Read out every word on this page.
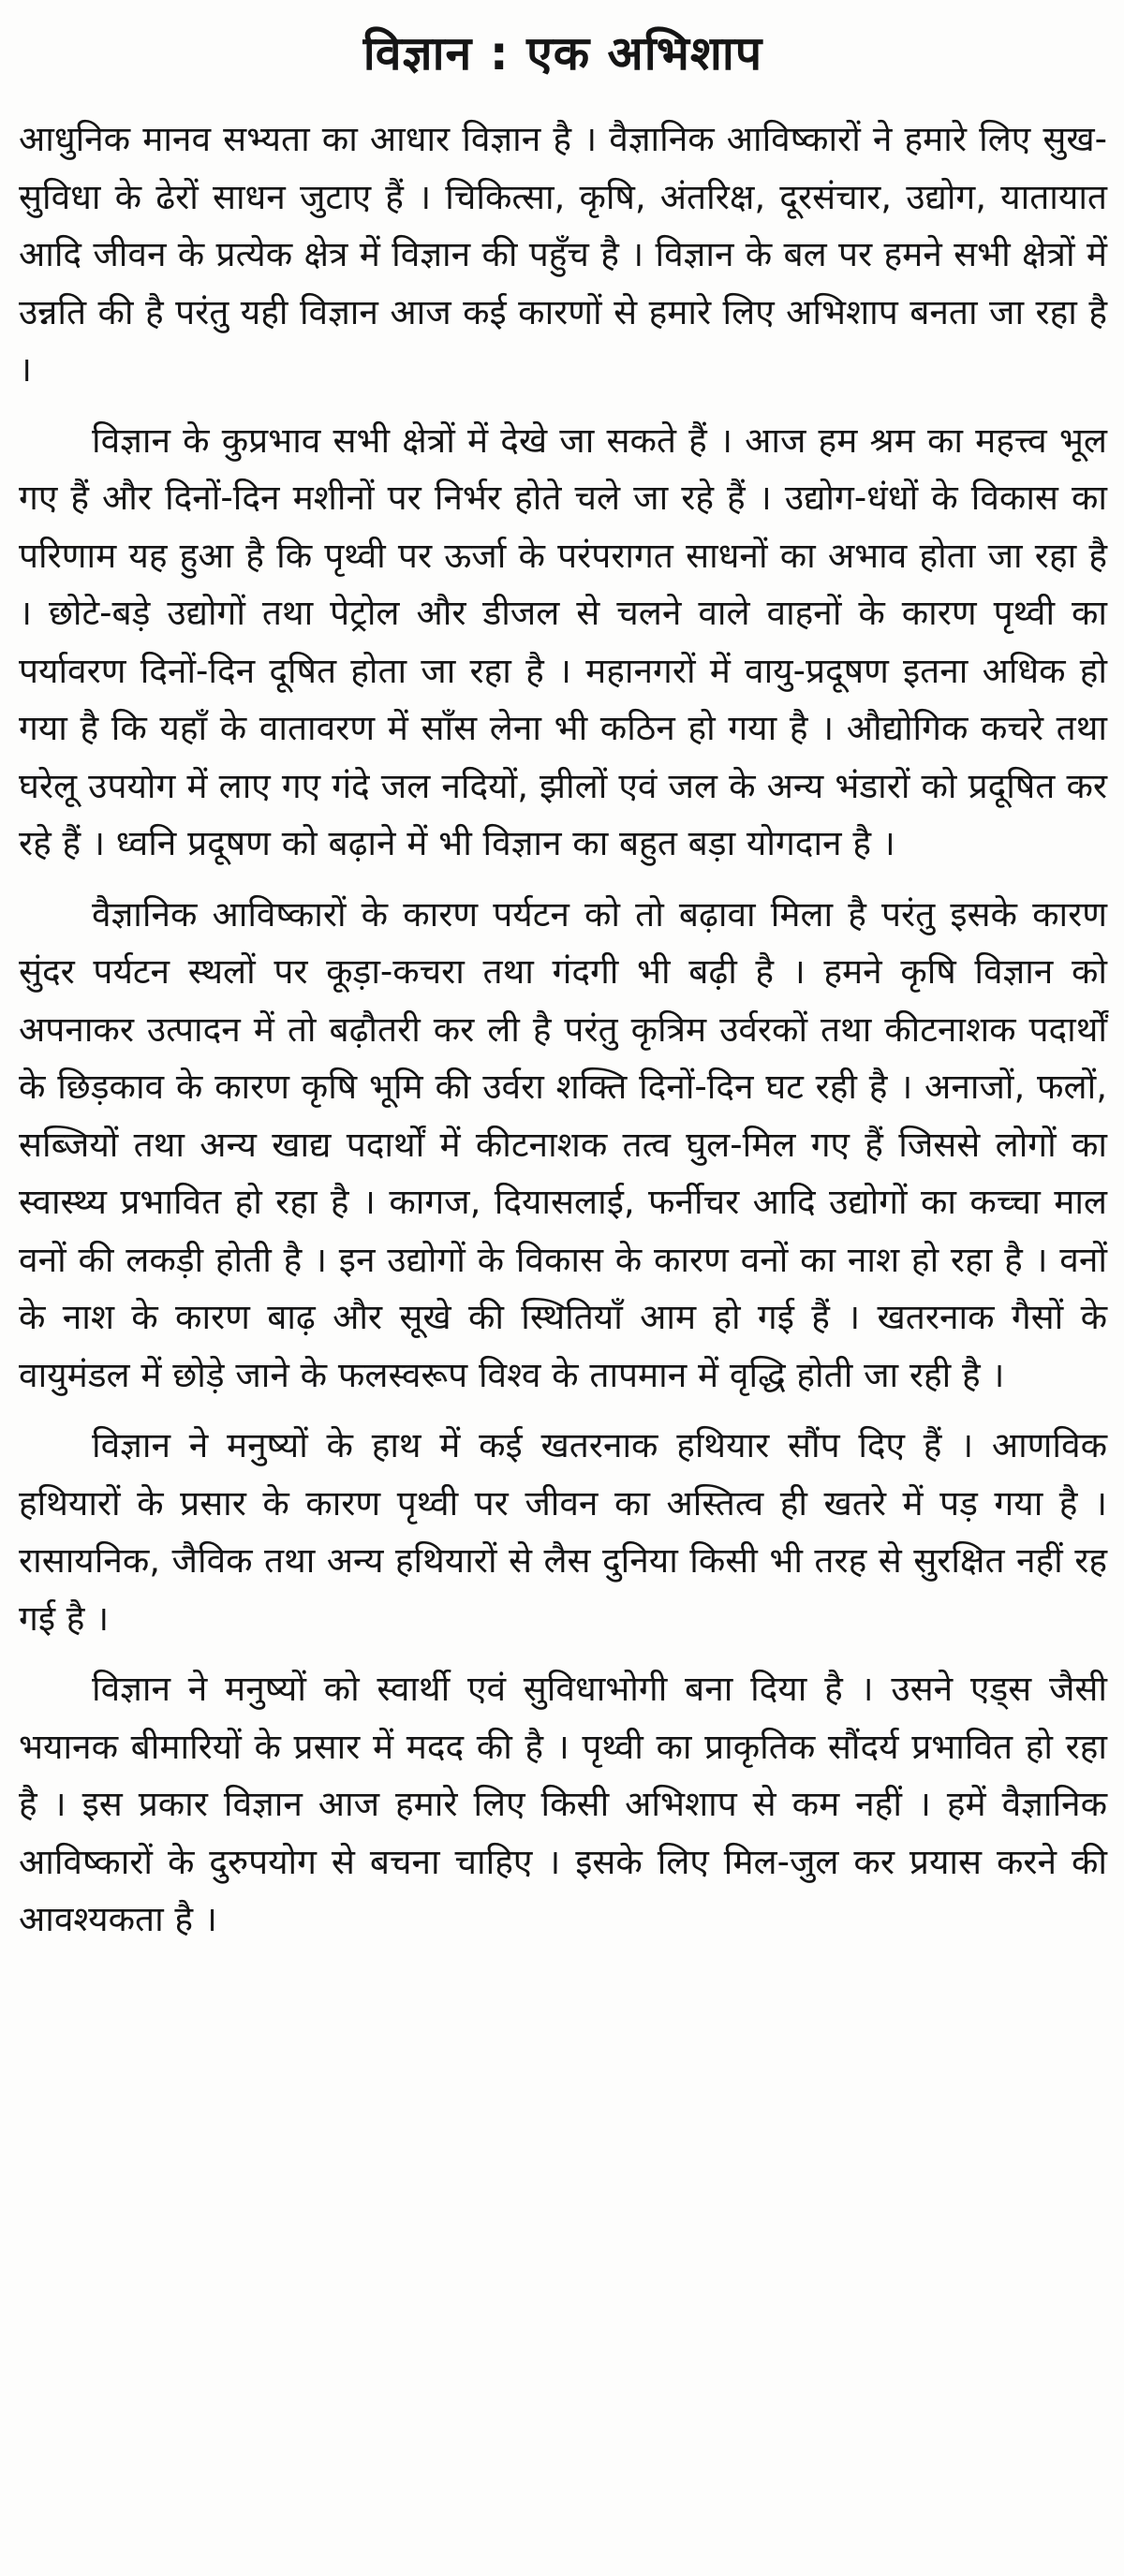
विज्ञान : एक अभिशाप

आधुनिक मानव सभ्यता का आधार विज्ञान है । वैज्ञानिक आविष्कारों ने हमारे लिए सुख-सुविधा के ढेरों साधन जुटाए हैं । चिकित्सा, कृषि, अंतरिक्ष, दूरसंचार, उद्योग, यातायात आदि जीवन के प्रत्येक क्षेत्र में विज्ञान की पहुँच है । विज्ञान के बल पर हमने सभी क्षेत्रों में उन्नति की है परंतु यही विज्ञान आज कई कारणों से हमारे लिए अभिशाप बनता जा रहा है ।

विज्ञान के कुप्रभाव सभी क्षेत्रों में देखे जा सकते हैं । आज हम श्रम का महत्त्व भूल गए हैं और दिनों-दिन मशीनों पर निर्भर होते चले जा रहे हैं । उद्योग-धंधों के विकास का परिणाम यह हुआ है कि पृथ्वी पर ऊर्जा के परंपरागत साधनों का अभाव होता जा रहा है । छोटे-बड़े उद्योगों तथा पेट्रोल और डीजल से चलने वाले वाहनों के कारण पृथ्वी का पर्यावरण दिनों-दिन दूषित होता जा रहा है । महानगरों में वायु-प्रदूषण इतना अधिक हो गया है कि यहाँ के वातावरण में साँस लेना भी कठिन हो गया है । औद्योगिक कचरे तथा घरेलू उपयोग में लाए गए गंदे जल नदियों, झीलों एवं जल के अन्य भंडारों को प्रदूषित कर रहे हैं । ध्वनि प्रदूषण को बढ़ाने में भी विज्ञान का बहुत बड़ा योगदान है ।

वैज्ञानिक आविष्कारों के कारण पर्यटन को तो बढ़ावा मिला है परंतु इसके कारण सुंदर पर्यटन स्थलों पर कूड़ा-कचरा तथा गंदगी भी बढ़ी है । हमने कृषि विज्ञान को अपनाकर उत्पादन में तो बढ़ौतरी कर ली है परंतु कृत्रिम उर्वरकों तथा कीटनाशक पदार्थों के छिड़काव के कारण कृषि भूमि की उर्वरा शक्ति दिनों-दिन घट रही है । अनाजों, फलों, सब्जियों तथा अन्य खाद्य पदार्थों में कीटनाशक तत्व घुल-मिल गए हैं जिससे लोगों का स्वास्थ्य प्रभावित हो रहा है । कागज, दियासलाई, फर्नीचर आदि उद्योगों का कच्चा माल वनों की लकड़ी होती है । इन उद्योगों के विकास के कारण वनों का नाश हो रहा है । वनों के नाश के कारण बाढ़ और सूखे की स्थितियाँ आम हो गई हैं । खतरनाक गैसों के वायुमंडल में छोड़े जाने के फलस्वरूप विश्व के तापमान में वृद्धि होती जा रही है ।

विज्ञान ने मनुष्यों के हाथ में कई खतरनाक हथियार सौंप दिए हैं । आणविक हथियारों के प्रसार के कारण पृथ्वी पर जीवन का अस्तित्व ही खतरे में पड़ गया है । रासायनिक, जैविक तथा अन्य हथियारों से लैस दुनिया किसी भी तरह से सुरक्षित नहीं रह गई है ।

विज्ञान ने मनुष्यों को स्वार्थी एवं सुविधाभोगी बना दिया है । उसने एड्स जैसी भयानक बीमारियों के प्रसार में मदद की है । पृथ्वी का प्राकृतिक सौंदर्य प्रभावित हो रहा है । इस प्रकार विज्ञान आज हमारे लिए किसी अभिशाप से कम नहीं । हमें वैज्ञानिक आविष्कारों के दुरुपयोग से बचना चाहिए । इसके लिए मिल-जुल कर प्रयास करने की आवश्यकता है ।
